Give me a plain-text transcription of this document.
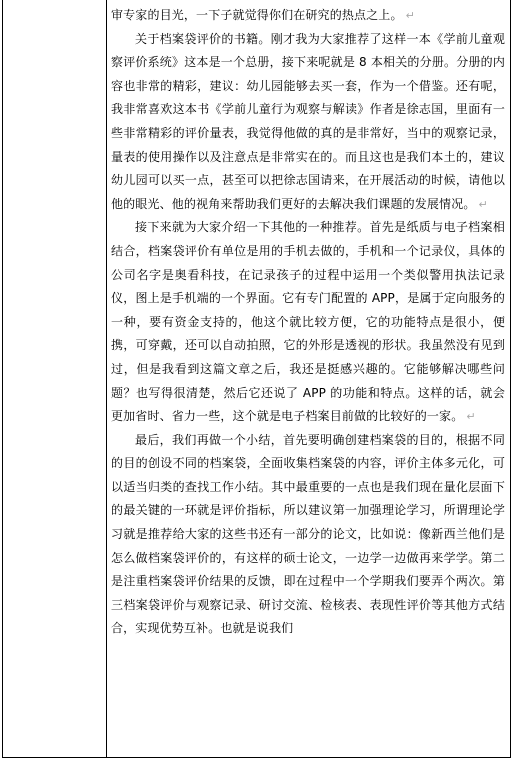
审专家的目光，一下子就觉得你们在研究的热点之上。 ↵

关于档案袋评价的书籍。刚才我为大家推荐了这样一本《学前儿童观察评价系统》这本是一个总册，接下来呢就是 8 本相关的分册。分册的内容也非常的精彩，建议：幼儿园能够去买一套，作为一个借鉴。还有呢，我非常喜欢这本书《学前儿童行为观察与解读》作者是徐志国，里面有一些非常精彩的评价量表，我觉得他做的真的是非常好，当中的观察记录，量表的使用操作以及注意点是非常实在的。而且这也是我们本土的，建议幼儿园可以买一点，甚至可以把徐志国请来，在开展活动的时候，请他以他的眼光、他的视角来帮助我们更好的去解决我们课题的发展情况。 ↵

接下来就为大家介绍一下其他的一种推荐。首先是纸质与电子档案相结合，档案袋评价有单位是用的手机去做的，手机和一个记录仪，具体的公司名字是奥看科技，在记录孩子的过程中运用一个类似警用执法记录仪，图上是手机端的一个界面。它有专门配置的 APP，是属于定向服务的一种，要有资金支持的，他这个就比较方便，它的功能特点是很小，便携，可穿戴，还可以自动拍照，它的外形是透视的形状。我虽然没有见到过，但是我看到这篇文章之后，我还是挺感兴趣的。它能够解决哪些问题？也写得很清楚，然后它还说了 APP 的功能和特点。这样的话，就会更加省时、省力一些，这个就是电子档案目前做的比较好的一家。 ↵

最后，我们再做一个小结，首先要明确创建档案袋的目的，根据不同的目的创设不同的档案袋，全面收集档案袋的内容，评价主体多元化，可以适当归类的查找工作小结。其中最重要的一点也是我们现在量化层面下的最关键的一环就是评价指标，所以建议第一加强理论学习，所谓理论学习就是推荐给大家的这些书还有一部分的论文，比如说：像新西兰他们是怎么做档案袋评价的，有这样的硕士论文，一边学一边做再来学学。第二是注重档案袋评价结果的反馈，即在过程中一个学期我们要弄个两次。第三档案袋评价与观察记录、研讨交流、检核表、表现性评价等其他方式结合，实现优势互补。也就是说我们
